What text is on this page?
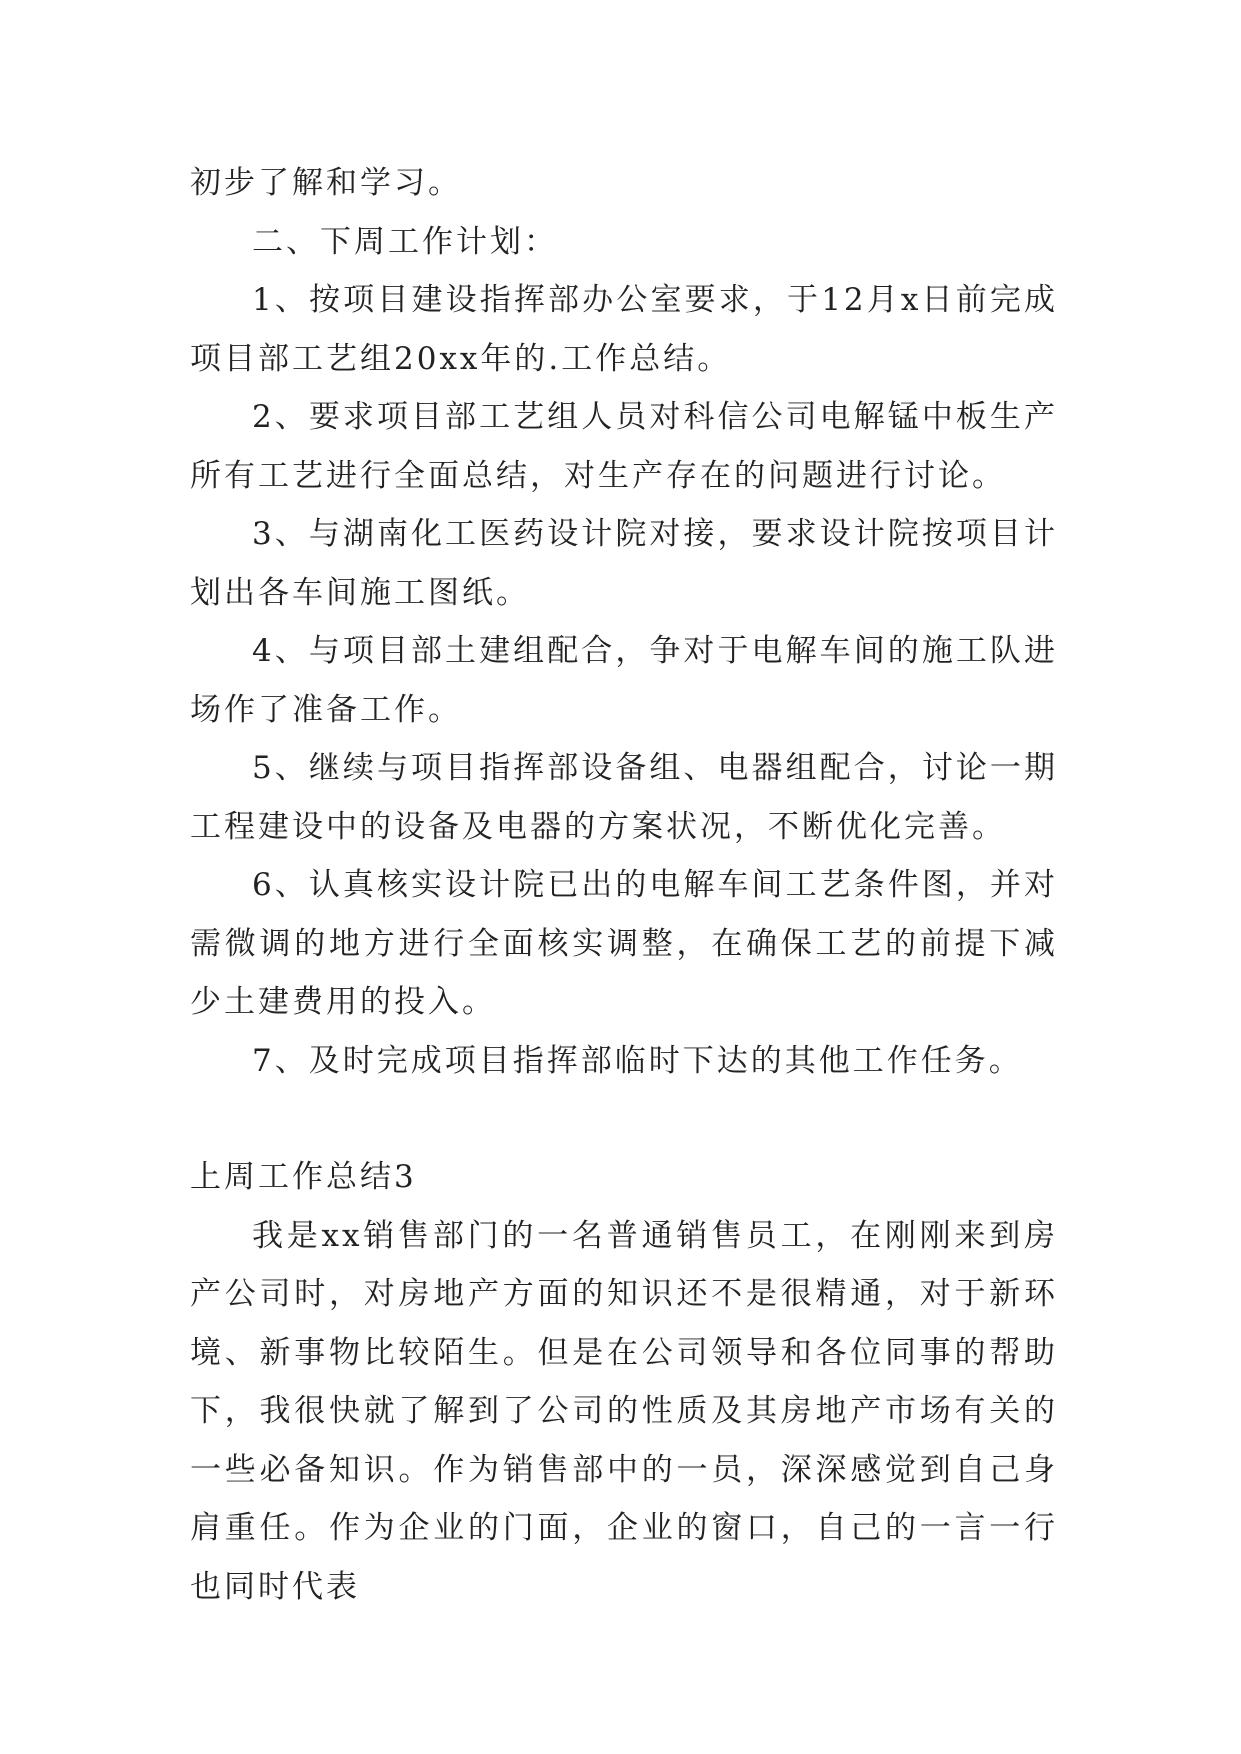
初步了解和学习。

二、下周工作计划：

1、按项目建设指挥部办公室要求，于12月x日前完成项目部工艺组20xx年的.工作总结。

2、要求项目部工艺组人员对科信公司电解锰中板生产所有工艺进行全面总结，对生产存在的问题进行讨论。

3、与湖南化工医药设计院对接，要求设计院按项目计划出各车间施工图纸。

4、与项目部土建组配合，争对于电解车间的施工队进场作了准备工作。

5、继续与项目指挥部设备组、电器组配合，讨论一期工程建设中的设备及电器的方案状况，不断优化完善。

6、认真核实设计院已出的电解车间工艺条件图，并对需微调的地方进行全面核实调整，在确保工艺的前提下减少土建费用的投入。

7、及时完成项目指挥部临时下达的其他工作任务。

上周工作总结3

我是xx销售部门的一名普通销售员工，在刚刚来到房产公司时，对房地产方面的知识还不是很精通，对于新环境、新事物比较陌生。但是在公司领导和各位同事的帮助下，我很快就了解到了公司的性质及其房地产市场有关的一些必备知识。作为销售部中的一员，深深感觉到自己身肩重任。作为企业的门面，企业的窗口，自己的一言一行也同时代表
